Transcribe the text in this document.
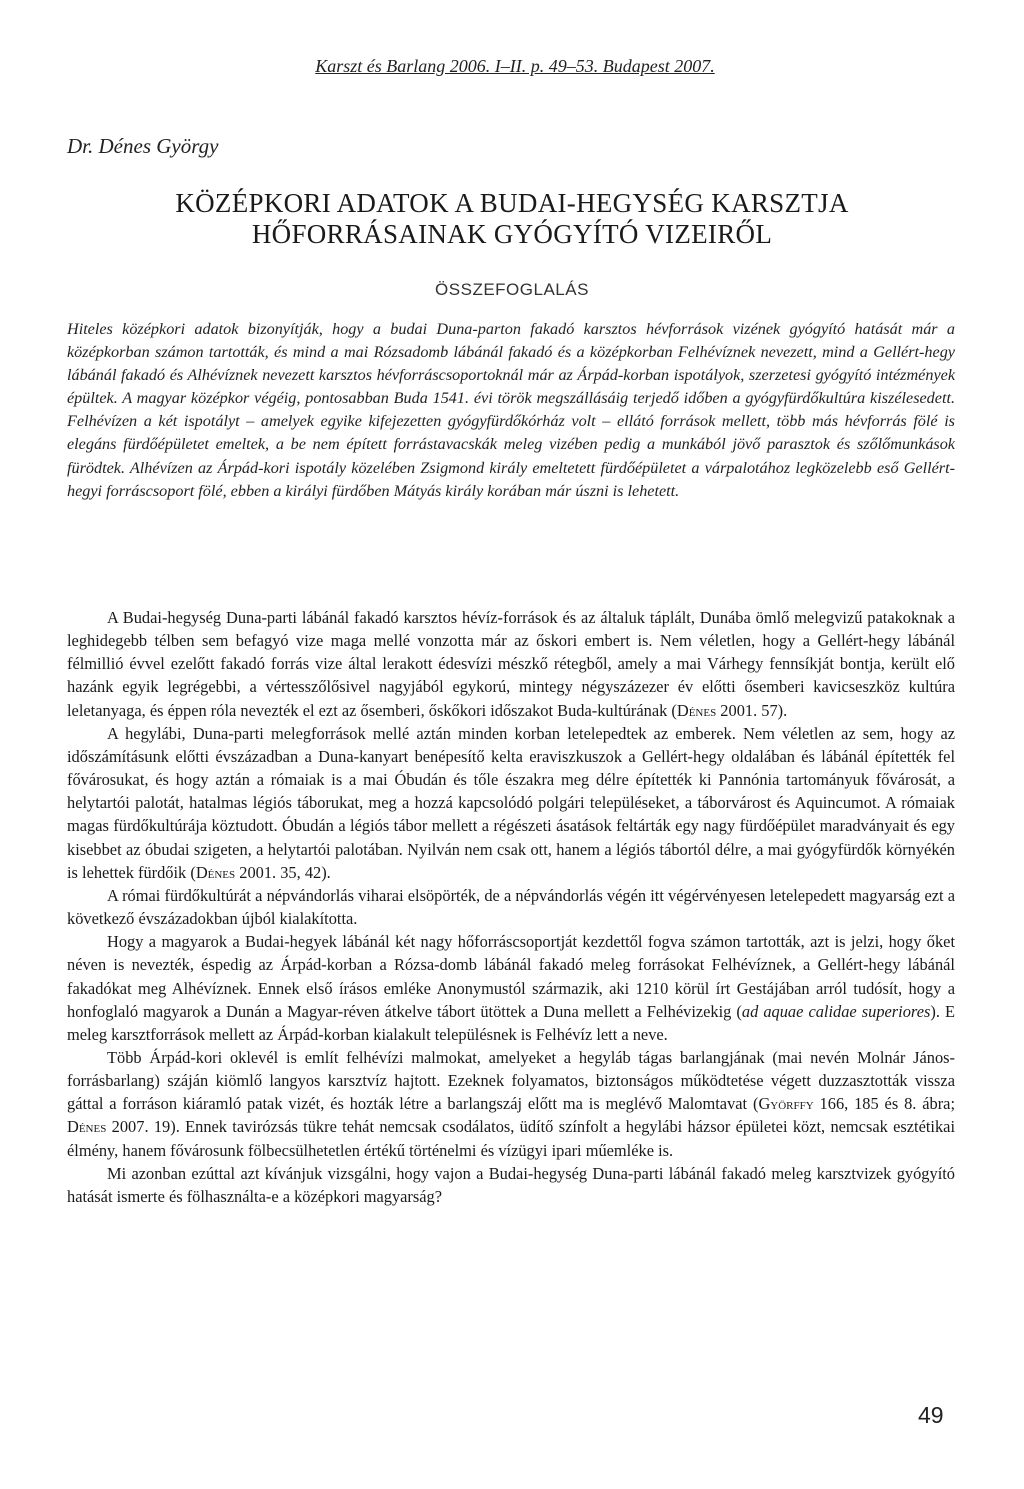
Karszt és Barlang 2006. I–II. p. 49–53. Budapest 2007.
Dr. Dénes György
KÖZÉPKORI ADATOK A BUDAI-HEGYSÉG KARSZTJA
HŐFORRÁSAINAK GYÓGYÍTÓ VIZEIRŐL
ÖSSZEFOGLALÁS
Hiteles középkori adatok bizonyítják, hogy a budai Duna-parton fakadó karsztos hévforrások vizének gyógyító hatását már a középkorban számon tartották, és mind a mai Rózsadomb lábánál fakadó és a középkorban Felhévíznek nevezett, mind a Gellért-hegy lábánál fakadó és Alhévíznek nevezett karsztos hévforráscsoportoknál már az Árpád-korban ispotályok, szerzetesi gyógyító intézmények épültek. A magyar középkor végéig, pontosabban Buda 1541. évi török megszállásáig terjedő időben a gyógyfürdőkultúra kiszélesedett. Felhévízen a két ispotályt – amelyek egyike kifejezetten gyógyfürdőkórház volt – ellátó források mellett, több más hévforrás fölé is elegáns fürdőépületet emeltek, a be nem épített forrástavacskák meleg vizében pedig a munkából jövő parasztok és szőlőmunkások fürödtek. Alhévízen az Árpád-kori ispotály közelében Zsigmond király emeltetett fürdőépületet a várpalotához legközelebb eső Gellért-hegyi forráscsoport fölé, ebben a királyi fürdőben Mátyás király korában már úszni is lehetett.

A Budai-hegység Duna-parti lábánál fakadó karsztos hévíz-források és az általuk táplált, Dunába ömlő melegvizű patakoknak a leghidegebb télben sem befagyó vize maga mellé vonzotta már az őskori embert is. Nem véletlen, hogy a Gellért-hegy lábánál félmillió évvel ezelőtt fakadó forrás vize által lerakott édesvízi mészkő rétegből, amely a mai Várhegy fennsíkját bontja, került elő hazánk egyik legrégebbi, a vértesszőlősivel nagyjából egykorú, mintegy négyszázezer év előtti ősemberi kavicseszköz kultúra leletanyaga, és éppen róla nevezték el ezt az ősemberi, őskőkori időszakot Buda-kultúrának (Dénes 2001. 57).

A hegylábi, Duna-parti melegforrások mellé aztán minden korban letelepedtek az emberek. Nem véletlen az sem, hogy az időszámításunk előtti évszázadban a Duna-kanyart benépesítő kelta eraviszkuszok a Gellért-hegy oldalában és lábánál építették fel fővárosukat, és hogy aztán a rómaiak is a mai Óbudán és tőle északra meg délre építették ki Pannónia tartományuk fővárosát, a helytartói palotát, hatalmas légiós táborukat, meg a hozzá kapcsolódó polgári településeket, a táborvárost és Aquincumot. A rómaiak magas fürdőkultúrája köztudott. Óbudán a légiós tábor mellett a régészeti ásatások feltárták egy nagy fürdőépület maradványait és egy kisebbet az óbudai szigeten, a helytartói palotában. Nyilván nem csak ott, hanem a légiós tábortól délre, a mai gyógyfürdők környékén is lehettek fürdőik (Dénes 2001. 35, 42).

A római fürdőkultúrát a népvándorlás viharai elsöpörték, de a népvándorlás végén itt végérvényesen letelepedett magyarság ezt a következő évszázadokban újból kialakította.

Hogy a magyarok a Budai-hegyek lábánál két nagy hőforráscsoportját kezdettől fogva számon tartották, azt is jelzi, hogy őket néven is nevezték, éspedig az Árpád-korban a Rózsa-domb lábánál fakadó meleg forrásokat Felhévíznek, a Gellért-hegy lábánál fakadókat meg Alhévíznek. Ennek első írásos emléke Anonymustól származik, aki 1210 körül írt Gestájában arról tudósít, hogy a honfoglaló magyarok a Dunán a Magyar-réven átkelve tábort ütöttek a Duna mellett a Felhévizekig (ad aquae calidae superiores). E meleg karsztforrások mellett az Árpád-korban kialakult településnek is Felhévíz lett a neve.

Több Árpád-kori oklevél is említ felhévízi malmokat, amelyeket a hegyláb tágas barlangjának (mai nevén Molnár János-forrásbarlang) száján kiömlő langyos karsztvíz hajtott. Ezeknek folyamatos, biztonságos működtetése végett duzzasztották vissza gáttal a forráson kiáramló patak vizét, és hozták létre a barlangszáj előtt ma is meglévő Malomtavat (Györffy 166, 185 és 8. ábra; Dénes 2007. 19). Ennek tavirózsás tükre tehát nemcsak csodálatos, üdítő színfolt a hegylábi házsor épületei közt, nemcsak esztétikai élmény, hanem fővárosunk fölbecsülhetetlen értékű történelmi és vízügyi ipari műemléke is.

Mi azonban ezúttal azt kívánjuk vizsgálni, hogy vajon a Budai-hegység Duna-parti lábánál fakadó meleg karsztvizek gyógyító hatását ismerte és fölhasználta-e a középkori magyarság?

49
